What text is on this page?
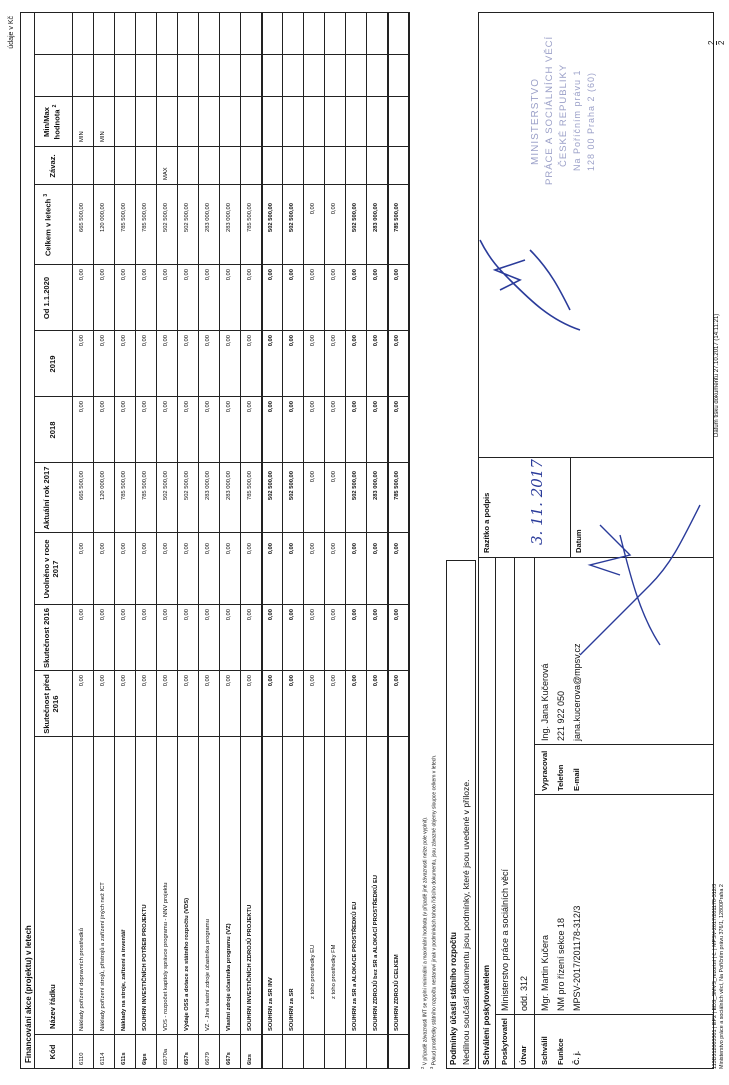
údaje v Kč
Financování akce (projektu) v letech Kód
Název řádku
Skutečnost před 2016
Skutečnost 2016
Uvolněno v roce 2017
Aktuální rok 2017
2018
2019
Od 1.1.2020
Celkem v letech $^3$
Závaz.
Min/Max hodnota $^2$
6110
Náklady pořízení dopravních prostředků
0,00
0,00
0,00
665 500,00
0,00
0,00
0,00
665 500,00
MIN
6114
Náklady pořízení strojů, přístrojů a zařízení jiných než ICT
0,00
0,00
0,00
120 000,00
0,00
0,00
0,00
120 000,00
MIN
611s
Náklady na stroje, zařízení a inventář
0,00
0,00
0,00
785 500,00
0,00
0,00
0,00
785 500,00
6ips
SOUHRN INVESTIČNÍCH POTŘEB PROJEKTU
0,00
0,00
0,00
785 500,00
0,00
0,00
0,00
785 500,00
6570a
VDS - rozpočet kapitoly správce programu - NNV projektu
0,00
0,00
0,00
502 500,00
0,00
0,00
0,00
502 500,00
MAX
657s
Výdaje OSS a dotace ze státního rozpočtu (VDS)
0,00
0,00
0,00
502 500,00
0,00
0,00
0,00
502 500,00
6679
VZ - Jiné vlastní zdroje účastníka programu
0,00
0,00
0,00
283 000,00
0,00
0,00
0,00
283 000,00
667s
Vlastní zdroje účastníka programu (VZ)
0,00
0,00
0,00
283 000,00
0,00
0,00
0,00
283 000,00
6izs
SOUHRN INVESTIČNÍCH ZDROJŮ PROJEKTU
0,00
0,00
0,00
785 500,00
0,00
0,00
0,00
785 500,00
SOUHRN za SR INV
0,00
0,00
0,00
502 500,00
0,00
0,00
0,00
502 500,00
SOUHRN za SR
0,00
0,00
0,00
502 500,00
0,00
0,00
0,00
502 500,00
z toho prostředky EU
0,00
0,00
0,00
0,00
0,00
0,00
0,00
0,00
z toho prostředky FM
0,00
0,00
0,00
0,00
0,00
0,00
0,00
0,00
SOUHRN za SR a ALOKACE PROSTŘEDKŮ EU
0,00
0,00
0,00
502 500,00
0,00
0,00
0,00
502 500,00
SOUHRN ZDROJŮ bez SR a ALOKACÍ PROSTŘEDKŮ EU
0,00
0,00
0,00
283 000,00
0,00
0,00
0,00
283 000,00
SOUHRN ZDROJŮ CELKEM
0,00
0,00
0,00
785 500,00
0,00
0,00
0,00
785 500,00
$^2$ V případě závaznosti INT se vyplní minimální a maximální hodnota (v případě jiné závaznosti nelze pole vyplnit).
$^3$ Pokud prostředky státního rozpočtu nestanoví jinak v podmínkách tohoto řídícího dokumentu, jsou závazné objemy sloupce celkem v letech. Podmínky účasti státního rozpočtu Nedílnou součástí dokumentu jsou podmínky, které jsou uvedené v příloze. Schválení poskytovatelem Poskytovatel
Ministerstvo práce a sociálních věcí
Útvar
odd. 312
Schválil
Mgr. Martin Kučera
Funkce
NM pro řízení sekce 18
Č. j.
MPSV-2017/201178-312/3
Vypracoval
Ing. Jana Kučerová
Telefon
221 922 050
E-mail
jana.kucerova@mpsv.cz
Razítko a podpis 3. 11. 2017	Datum
MINISTERSTVO PRÁCE A SOCIÁLNÍCH VĚCÍ ČESKÉ REPUBLIKY Na Poříčním právu 1 128 00 Praha 2 (60)
113D312003301 | EP2 | EDS_SMVS_rezortní | č. | MPSV-2017/201178-312/3 Ministerstvo práce a sociálních věcí, Na Poříčním právu 376/1, 12800Praha 2
Datum tisku dokumentu 27.10.2017 (14:11:21)
2 2
